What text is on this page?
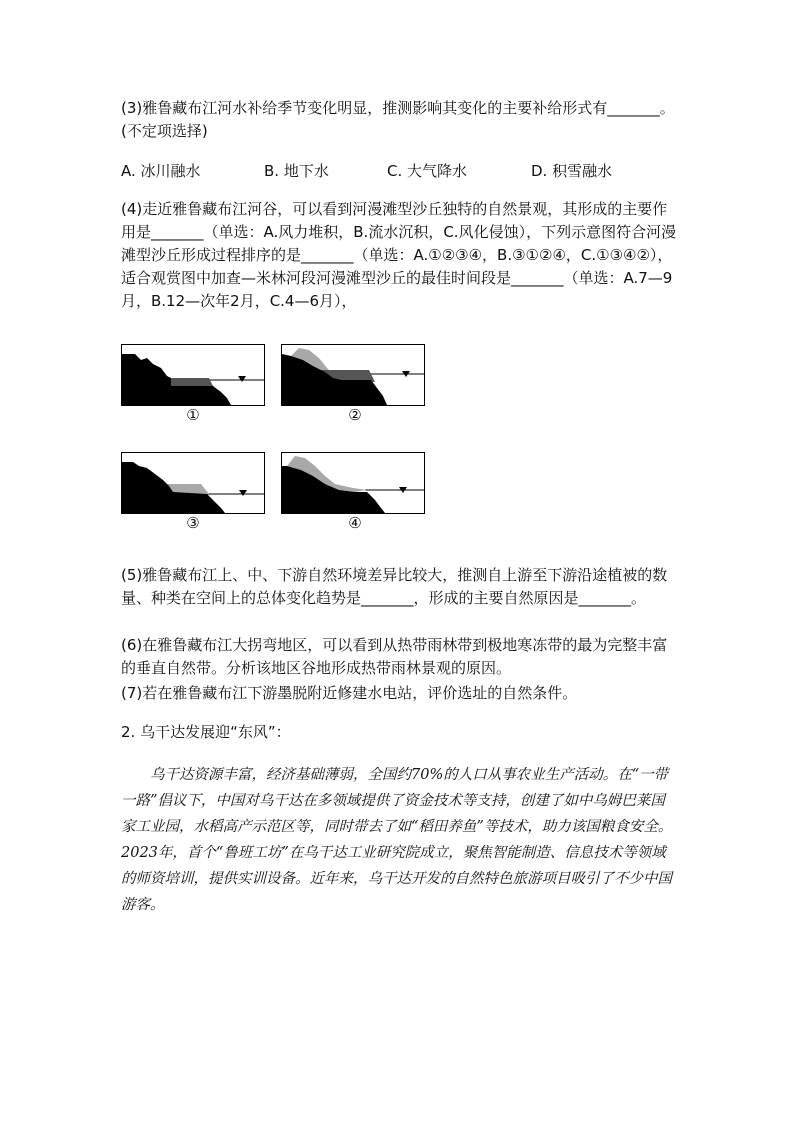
(3)雅鲁藏布江河水补给季节变化明显，推测影响其变化的主要补给形式有_______。(不定项选择)

A. 冰川融水	B. 地下水	C. 大气降水	D. 积雪融水

(4)走近雅鲁藏布江河谷，可以看到河漫滩型沙丘独特的自然景观，其形成的主要作用是_______（单选：A.风力堆积，B.流水沉积，C.风化侵蚀），下列示意图符合河漫滩型沙丘形成过程排序的是_______（单选：A.①②③④，B.③①②④，C.①③④②），适合观赏图中加查—米林河段河漫滩型沙丘的最佳时间段是_______（单选：A.7—9月，B.12—次年2月，C.4—6月），

①	②
③	④

(5)雅鲁藏布江上、中、下游自然环境差异比较大，推测自上游至下游沿途植被的数量、种类在空间上的总体变化趋势是_______，形成的主要自然原因是_______。

(6)在雅鲁藏布江大拐弯地区，可以看到从热带雨林带到极地寒冻带的最为完整丰富的垂直自然带。分析该地区谷地形成热带雨林景观的原因。

(7)若在雅鲁藏布江下游墨脱附近修建水电站，评价选址的自然条件。

2. 乌干达发展迎“东风”：

乌干达资源丰富，经济基础薄弱，全国约70%的人口从事农业生产活动。在“一带一路”倡议下，中国对乌干达在多领域提供了资金技术等支持，创建了如中乌姆巴莱国家工业园，水稻高产示范区等，同时带去了如“稻田养鱼”等技术，助力该国粮食安全。2023年，首个“鲁班工坊”在乌干达工业研究院成立，聚焦智能制造、信息技术等领域的师资培训，提供实训设备。近年来，乌干达开发的自然特色旅游项目吸引了不少中国游客。
